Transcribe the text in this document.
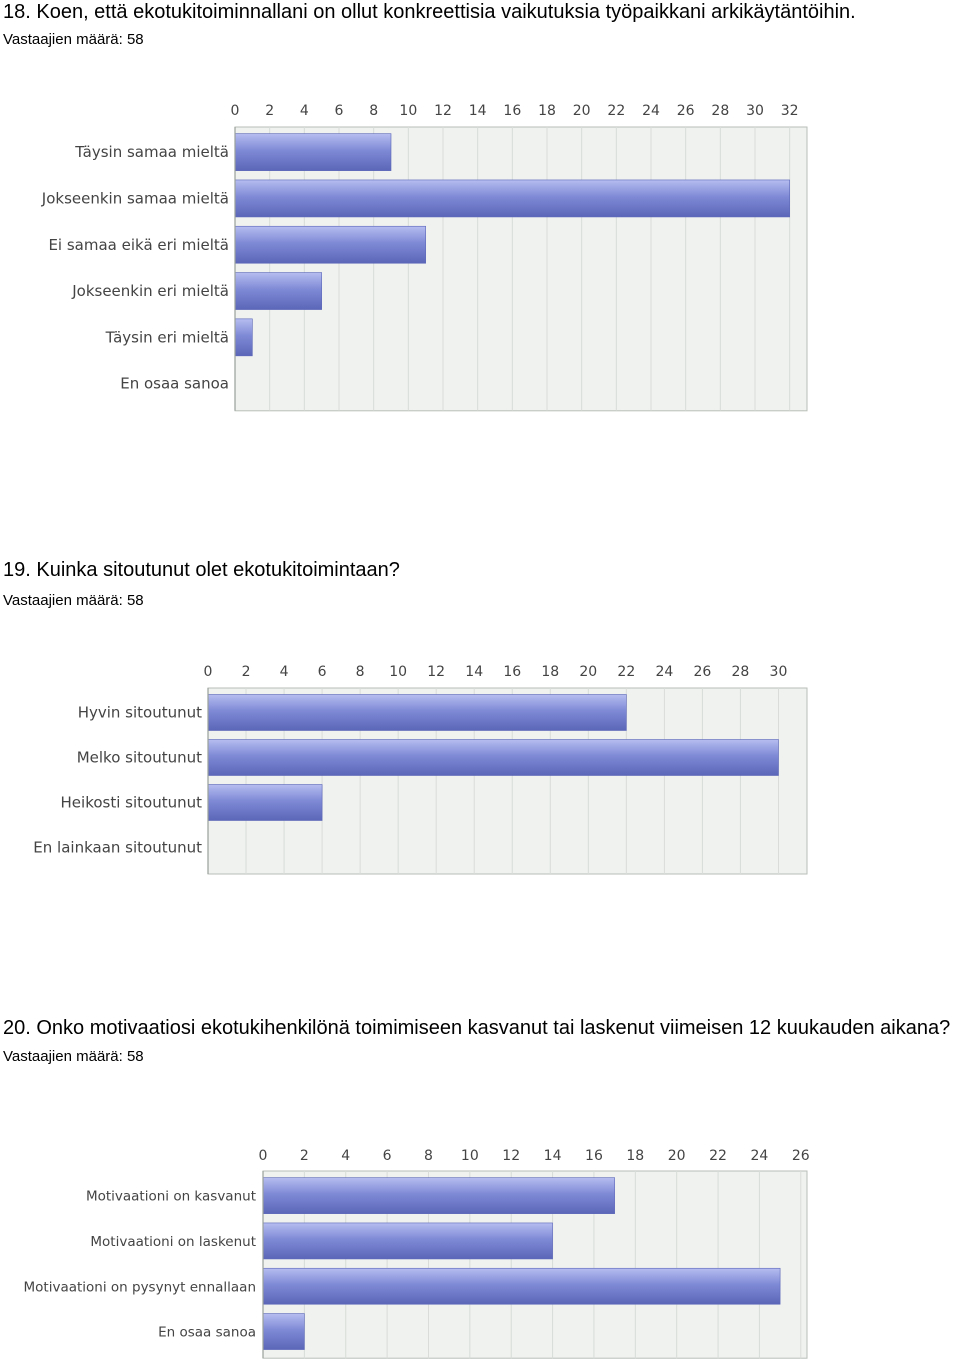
18. Koen, että ekotukitoiminnallani on ollut konkreettisia vaikutuksia työpaikkani arkikäytäntöihin.

Vastaajien määrä: 58
0 2 4 6 8 10 12 14 16 18 20 22 24 26 28 30 32
Täysin samaa mieltä
Jokseenkin samaa mieltä
Ei samaa eikä eri mieltä
Jokseenkin eri mieltä
Täysin eri mieltä
En osaa sanoa

19. Kuinka sitoutunut olet ekotukitoimintaan?

Vastaajien määrä: 58
0 2 4 6 8 10 12 14 16 18 20 22 24 26 28 30
Hyvin sitoutunut
Melko sitoutunut
Heikosti sitoutunut
En lainkaan sitoutunut

20. Onko motivaatiosi ekotukihenkilönä toimimiseen kasvanut tai laskenut viimeisen 12 kuukauden aikana?

Vastaajien määrä: 58
0 2 4 6 8 10 12 14 16 18 20 22 24 26
Motivaationi on kasvanut
Motivaationi on laskenut
Motivaationi on pysynyt ennallaan
En osaa sanoa
